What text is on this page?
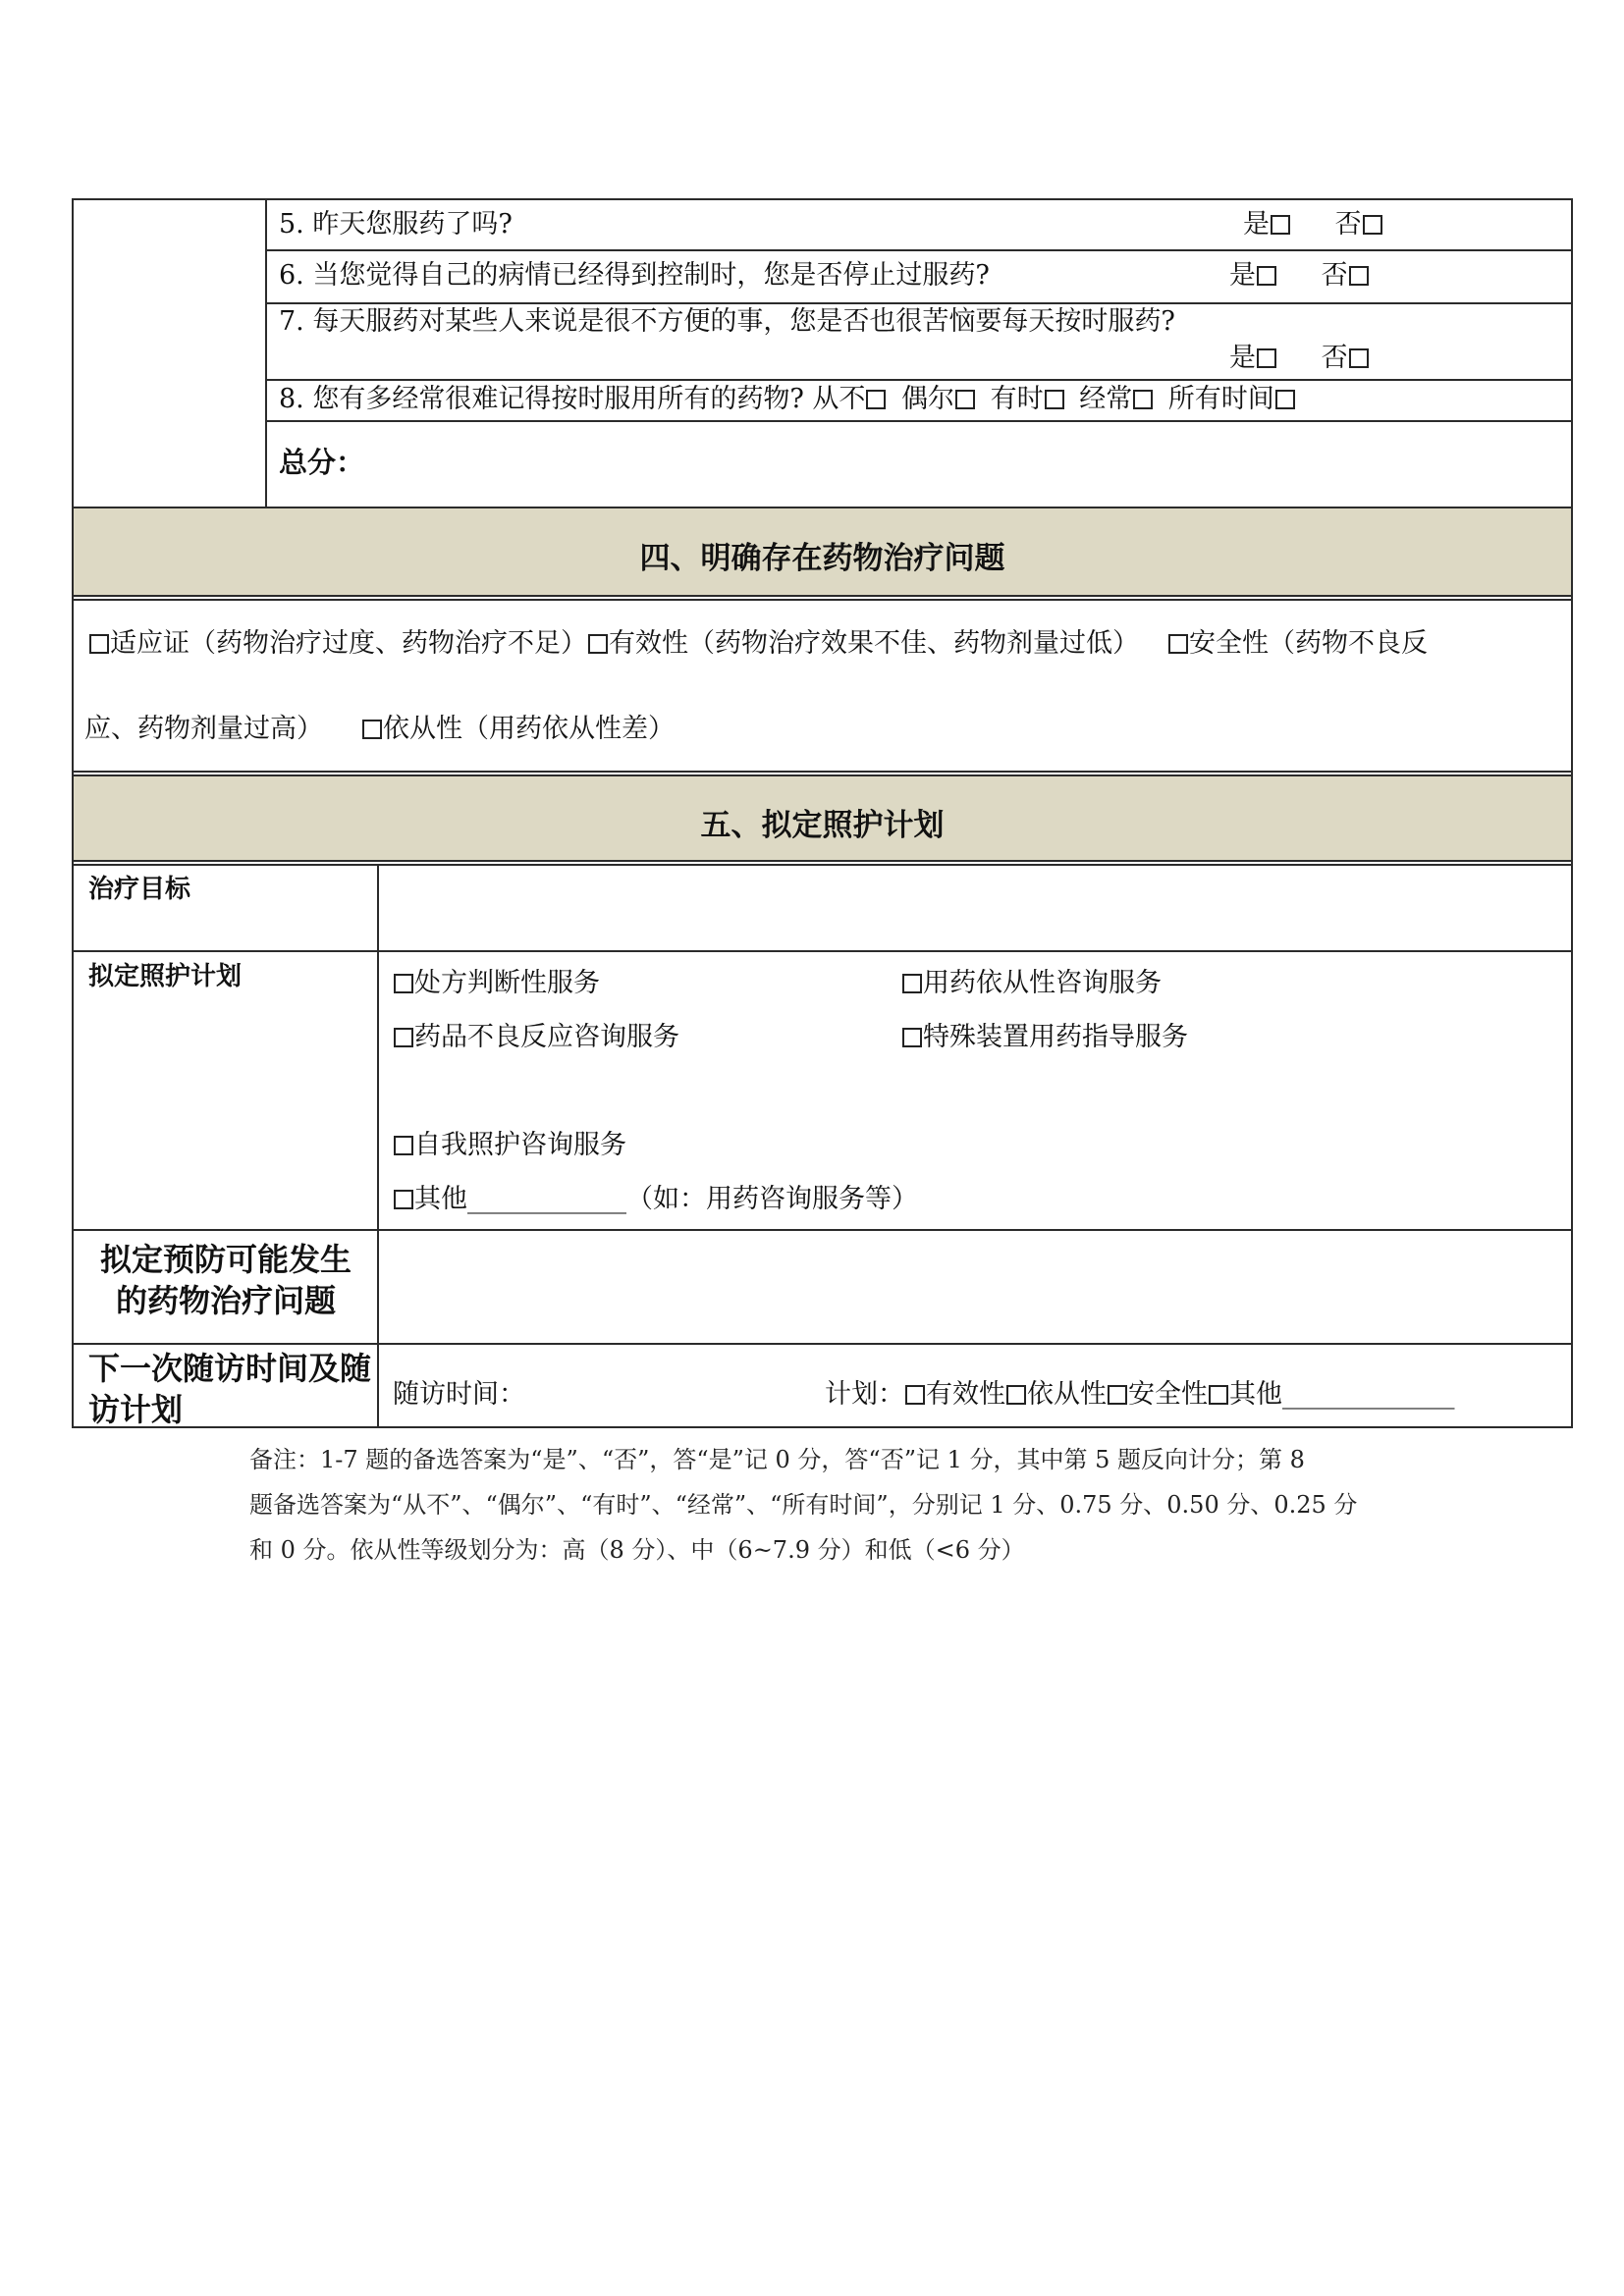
5. 昨天您服药了吗?	是 否
6. 当您觉得自己的病情已经得到控制时，您是否停止过服药?	是 否
7. 每天服药对某些人来说是很不方便的事，您是否也很苦恼要每天按时服药?
是 否
8. 您有多经常很难记得按时服用所有的药物? 从不 偶尔 有时 经常 所有时间
总分：
四、明确存在药物治疗问题
适应证（药物治疗过度、药物治疗不足） 有效性（药物治疗效果不佳、药物剂量过低） 安全性（药物不良反
应、药物剂量过高） 依从性（用药依从性差）
五、拟定照护计划
治疗目标
拟定照护计划	处方判断性服务	用药依从性咨询服务
药品不良反应咨询服务	特殊装置用药指导服务
自我照护咨询服务
其他____________（如：用药咨询服务等）
拟定预防可能发生的药物治疗问题
下一次随访时间及随访计划	随访时间：	计划： 有效性 依从性 安全性 其他_____________
备注：1-7 题的备选答案为“是”、“否”，答“是”记 0 分，答“否”记 1 分，其中第 5 题反向计分；第 8
题备选答案为“从不”、“偶尔”、“有时”、“经常”、“所有时间”，分别记 1 分、0.75 分、0.50 分、0.25 分
和 0 分。依从性等级划分为：高（8 分）、中（6~7.9 分）和低（<6 分）
